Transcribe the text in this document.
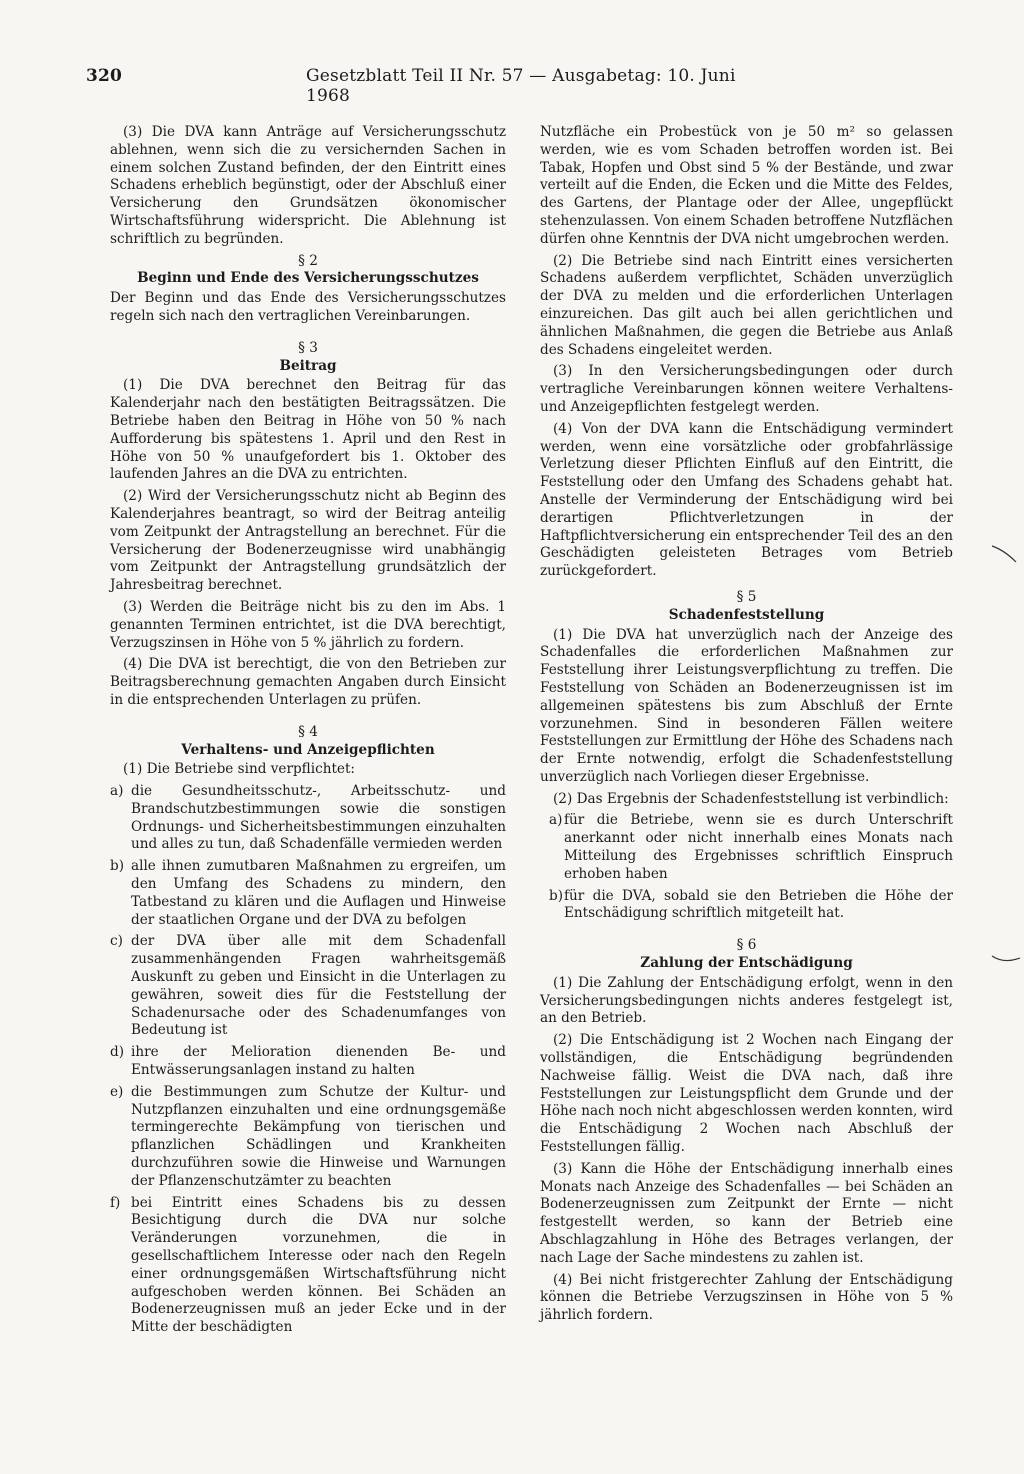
320	Gesetzblatt Teil II Nr. 57 — Ausgabetag: 10. Juni 1968

(3) Die DVA kann Anträge auf Versicherungsschutz ablehnen, wenn sich die zu versichernden Sachen in einem solchen Zustand befinden, der den Eintritt eines Schadens erheblich begünstigt, oder der Abschluß einer Versicherung den Grundsätzen ökonomischer Wirtschaftsführung widerspricht. Die Ablehnung ist schriftlich zu begründen.

§ 2
Beginn und Ende des Versicherungsschutzes

Der Beginn und das Ende des Versicherungsschutzes regeln sich nach den vertraglichen Vereinbarungen.

§ 3
Beitrag

(1) Die DVA berechnet den Beitrag für das Kalenderjahr nach den bestätigten Beitragssätzen. Die Betriebe haben den Beitrag in Höhe von 50 % nach Aufforderung bis spätestens 1. April und den Rest in Höhe von 50 % unaufgefordert bis 1. Oktober des laufenden Jahres an die DVA zu entrichten.

(2) Wird der Versicherungsschutz nicht ab Beginn des Kalenderjahres beantragt, so wird der Beitrag anteilig vom Zeitpunkt der Antragstellung an berechnet. Für die Versicherung der Bodenerzeugnisse wird unabhängig vom Zeitpunkt der Antragstellung grundsätzlich der Jahresbeitrag berechnet.

(3) Werden die Beiträge nicht bis zu den im Abs. 1 genannten Terminen entrichtet, ist die DVA berechtigt, Verzugszinsen in Höhe von 5 % jährlich zu fordern.

(4) Die DVA ist berechtigt, die von den Betrieben zur Beitragsberechnung gemachten Angaben durch Einsicht in die entsprechenden Unterlagen zu prüfen.

§ 4
Verhaltens- und Anzeigepflichten

(1) Die Betriebe sind verpflichtet:

a) die Gesundheitsschutz-, Arbeitsschutz- und Brandschutzbestimmungen sowie die sonstigen Ordnungs- und Sicherheitsbestimmungen einzuhalten und alles zu tun, daß Schadenfälle vermieden werden
b) alle ihnen zumutbaren Maßnahmen zu ergreifen, um den Umfang des Schadens zu mindern, den Tatbestand zu klären und die Auflagen und Hinweise der staatlichen Organe und der DVA zu befolgen
c) der DVA über alle mit dem Schadenfall zusammenhängenden Fragen wahrheitsgemäß Auskunft zu geben und Einsicht in die Unterlagen zu gewähren, soweit dies für die Feststellung der Schadenursache oder des Schadenumfanges von Bedeutung ist
d) ihre der Melioration dienenden Be- und Entwässerungsanlagen instand zu halten
e) die Bestimmungen zum Schutze der Kultur- und Nutzpflanzen einzuhalten und eine ordnungsgemäße termingerechte Bekämpfung von tierischen und pflanzlichen Schädlingen und Krankheiten durchzuführen sowie die Hinweise und Warnungen der Pflanzenschutzämter zu beachten
f) bei Eintritt eines Schadens bis zu dessen Besichtigung durch die DVA nur solche Veränderungen vorzunehmen, die in gesellschaftlichem Interesse oder nach den Regeln einer ordnungsgemäßen Wirtschaftsführung nicht aufgeschoben werden können. Bei Schäden an Bodenerzeugnissen muß an jeder Ecke und in der Mitte der beschädigten

Nutzfläche ein Probestück von je 50 m² so gelassen werden, wie es vom Schaden betroffen worden ist. Bei Tabak, Hopfen und Obst sind 5 % der Bestände, und zwar verteilt auf die Enden, die Ecken und die Mitte des Feldes, des Gartens, der Plantage oder der Allee, ungepflückt stehenzulassen. Von einem Schaden betroffene Nutzflächen dürfen ohne Kenntnis der DVA nicht umgebrochen werden.

(2) Die Betriebe sind nach Eintritt eines versicherten Schadens außerdem verpflichtet, Schäden unverzüglich der DVA zu melden und die erforderlichen Unterlagen einzureichen. Das gilt auch bei allen gerichtlichen und ähnlichen Maßnahmen, die gegen die Betriebe aus Anlaß des Schadens eingeleitet werden.

(3) In den Versicherungsbedingungen oder durch vertragliche Vereinbarungen können weitere Verhaltens- und Anzeigepflichten festgelegt werden.

(4) Von der DVA kann die Entschädigung vermindert werden, wenn eine vorsätzliche oder grobfahrlässige Verletzung dieser Pflichten Einfluß auf den Eintritt, die Feststellung oder den Umfang des Schadens gehabt hat. Anstelle der Verminderung der Entschädigung wird bei derartigen Pflichtverletzungen in der Haftpflichtversicherung ein entsprechender Teil des an den Geschädigten geleisteten Betrages vom Betrieb zurückgefordert.

§ 5
Schadenfeststellung

(1) Die DVA hat unverzüglich nach der Anzeige des Schadenfalles die erforderlichen Maßnahmen zur Feststellung ihrer Leistungsverpflichtung zu treffen. Die Feststellung von Schäden an Bodenerzeugnissen ist im allgemeinen spätestens bis zum Abschluß der Ernte vorzunehmen. Sind in besonderen Fällen weitere Feststellungen zur Ermittlung der Höhe des Schadens nach der Ernte notwendig, erfolgt die Schadenfeststellung unverzüglich nach Vorliegen dieser Ergebnisse.

(2) Das Ergebnis der Schadenfeststellung ist verbindlich:

a) für die Betriebe, wenn sie es durch Unterschrift anerkannt oder nicht innerhalb eines Monats nach Mitteilung des Ergebnisses schriftlich Einspruch erhoben haben
b) für die DVA, sobald sie den Betrieben die Höhe der Entschädigung schriftlich mitgeteilt hat.
§ 6
Zahlung der Entschädigung

(1) Die Zahlung der Entschädigung erfolgt, wenn in den Versicherungsbedingungen nichts anderes festgelegt ist, an den Betrieb.

(2) Die Entschädigung ist 2 Wochen nach Eingang der vollständigen, die Entschädigung begründenden Nachweise fällig. Weist die DVA nach, daß ihre Feststellungen zur Leistungspflicht dem Grunde und der Höhe nach noch nicht abgeschlossen werden konnten, wird die Entschädigung 2 Wochen nach Abschluß der Feststellungen fällig.

(3) Kann die Höhe der Entschädigung innerhalb eines Monats nach Anzeige des Schadenfalles — bei Schäden an Bodenerzeugnissen zum Zeitpunkt der Ernte — nicht festgestellt werden, so kann der Betrieb eine Abschlagzahlung in Höhe des Betrages verlangen, der nach Lage der Sache mindestens zu zahlen ist.

(4) Bei nicht fristgerechter Zahlung der Entschädigung können die Betriebe Verzugszinsen in Höhe von 5 % jährlich fordern.
